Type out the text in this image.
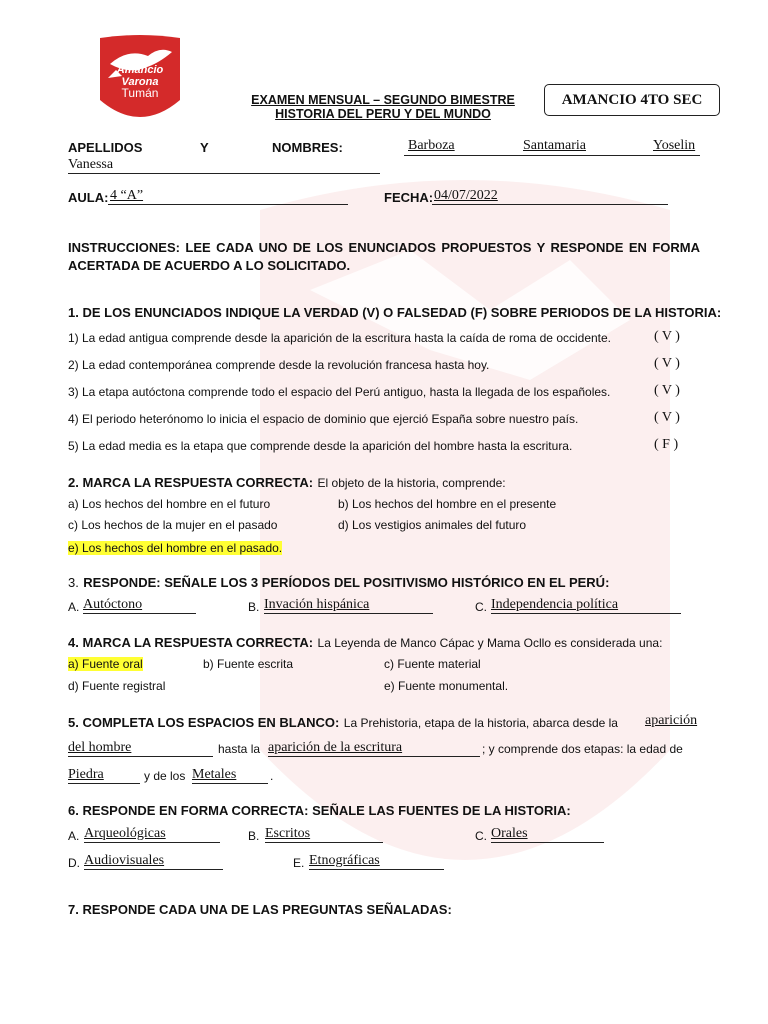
Amancio Varona
Tumán	EXAMEN MENSUAL – SEGUNDO BIMESTRE
HISTORIA DEL PERU Y DEL MUNDO
AMANCIO 4TO SEC
APELLIDOS	Y	NOMBRES:	Barboza	Santamaria	Yoselin
Vanessa
AULA: 4 “A”	FECHA: 04/07/2022
INSTRUCCIONES: LEE CADA UNO DE LOS ENUNCIADOS PROPUESTOS Y RESPONDE EN FORMA ACERTADA DE ACUERDO A LO SOLICITADO.
1. DE LOS ENUNCIADOS INDIQUE LA VERDAD (V) O FALSEDAD (F) SOBRE PERIODOS DE LA HISTORIA:
1) La edad antigua comprende desde la aparición de la escritura hasta la caída de roma de occidente.	( V )
2) La edad contemporánea comprende desde la revolución francesa hasta hoy.	( V )
3) La etapa autóctona comprende todo el espacio del Perú antiguo, hasta la llegada de los españoles.	( V )
4) El periodo heterónomo lo inicia el espacio de dominio que ejerció España sobre nuestro país.	( V )
5) La edad media es la etapa que comprende desde la aparición del hombre hasta la escritura.	( F )
2. MARCA LA RESPUESTA CORRECTA: El objeto de la historia, comprende:
a) Los hechos del hombre en el futuro	b) Los hechos del hombre en el presente
c) Los hechos de la mujer en el pasado	d) Los vestigios animales del futuro
e) Los hechos del hombre en el pasado.
3. RESPONDE: SEÑALE LOS 3 PERÍODOS DEL POSITIVISMO HISTÓRICO EN EL PERÚ:
A. Autóctono	B. Invación hispánica	C. Independencia política
4. MARCA LA RESPUESTA CORRECTA: La Leyenda de Manco Cápac y Mama Ocllo es considerada una:
a) Fuente oral	b) Fuente escrita	c) Fuente material
d) Fuente registral	e) Fuente monumental.
5. COMPLETA LOS ESPACIOS EN BLANCO: La Prehistoria, etapa de la historia, abarca desde la	aparición
del hombre	hasta la aparición de la escritura	; y comprende dos etapas: la edad de
Piedra	y de los Metales	.
6. RESPONDE EN FORMA CORRECTA: SEÑALE LAS FUENTES DE LA HISTORIA:
A. Arqueológicas	B. Escritos	C. Orales
D. Audiovisuales	E. Etnográficas
7. RESPONDE CADA UNA DE LAS PREGUNTAS SEÑALADAS:
